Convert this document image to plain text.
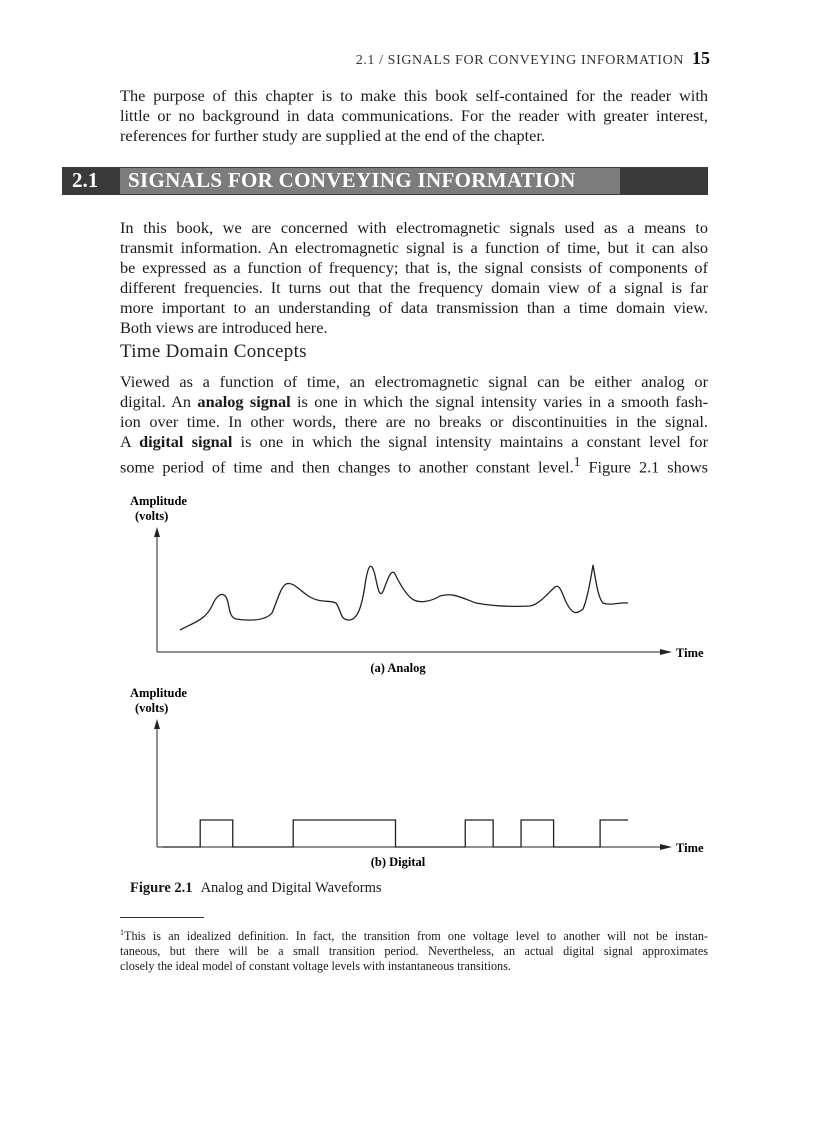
2.1 / SIGNALS FOR CONVEYING INFORMATION 15

The purpose of this chapter is to make this book self-contained for the reader with
little or no background in data communications. For the reader with greater interest,
references for further study are supplied at the end of the chapter.

2.1	SIGNALS FOR CONVEYING INFORMATION

In this book, we are concerned with electromagnetic signals used as a means to
transmit information. An electromagnetic signal is a function of time, but it can also
be expressed as a function of frequency; that is, the signal consists of components of
different frequencies. It turns out that the frequency domain view of a signal is far
more important to an understanding of data transmission than a time domain view.
Both views are introduced here.

Time Domain Concepts

Viewed as a function of time, an electromagnetic signal can be either analog or
digital. An analog signal is one in which the signal intensity varies in a smooth fash-
ion over time. In other words, there are no breaks or discontinuities in the signal.
A digital signal is one in which the signal intensity maintains a constant level for
some period of time and then changes to another constant level.$^1$ Figure 2.1 shows

Amplitude
(volts)
Time
(a) Analog
Amplitude
(volts)
Time
(b) Digital
Figure 2.1 Analog and Digital Waveforms

$^1$This is an idealized definition. In fact, the transition from one voltage level to another will not be instan-
taneous, but there will be a small transition period. Nevertheless, an actual digital signal approximates
closely the ideal model of constant voltage levels with instantaneous transitions.
